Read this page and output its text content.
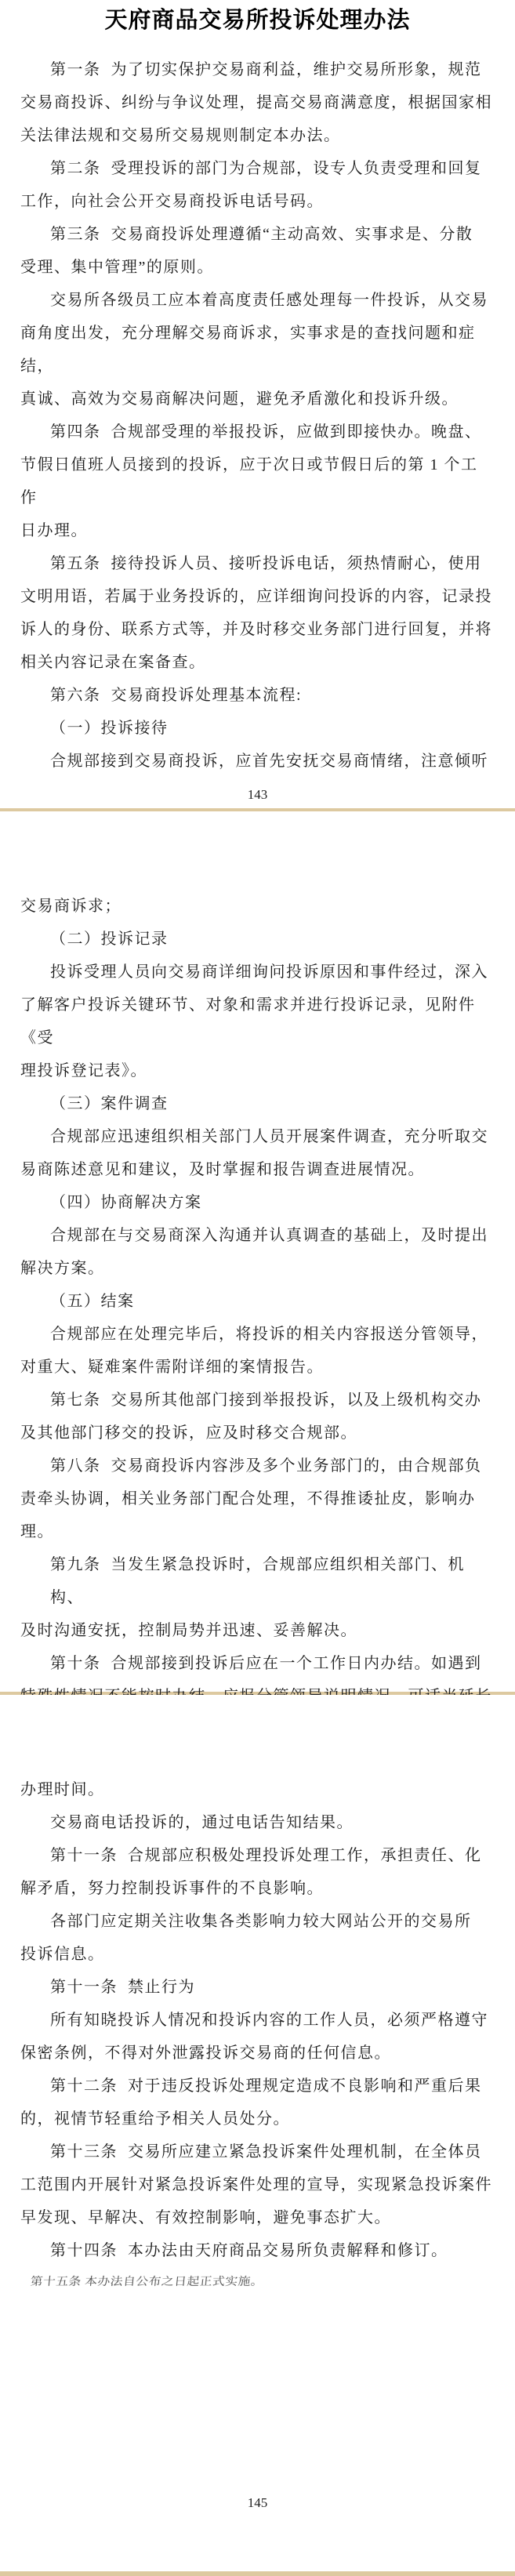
天府商品交易所投诉处理办法
第一条  为了切实保护交易商利益，维护交易所形象，规范
交易商投诉、纠纷与争议处理，提高交易商满意度，根据国家相
关法律法规和交易所交易规则制定本办法。
第二条  受理投诉的部门为合规部，设专人负责受理和回复
工作，向社会公开交易商投诉电话号码。
第三条  交易商投诉处理遵循“主动高效、实事求是、分散
受理、集中管理”的原则。
交易所各级员工应本着高度责任感处理每一件投诉，从交易
商角度出发，充分理解交易商诉求，实事求是的查找问题和症结，
真诚、高效为交易商解决问题，避免矛盾激化和投诉升级。
第四条  合规部受理的举报投诉，应做到即接快办。晚盘、
节假日值班人员接到的投诉，应于次日或节假日后的第 1 个工作
日办理。
第五条  接待投诉人员、接听投诉电话，须热情耐心，使用
文明用语，若属于业务投诉的，应详细询问投诉的内容，记录投
诉人的身份、联系方式等，并及时移交业务部门进行回复，并将
相关内容记录在案备查。
第六条  交易商投诉处理基本流程:
（一）投诉接待
合规部接到交易商投诉，应首先安抚交易商情绪，注意倾听
143
交易商诉求；
（二）投诉记录
投诉受理人员向交易商详细询问投诉原因和事件经过，深入
了解客户投诉关键环节、对象和需求并进行投诉记录，见附件《受
理投诉登记表》。
（三）案件调查
合规部应迅速组织相关部门人员开展案件调查，充分听取交
易商陈述意见和建议，及时掌握和报告调查进展情况。
（四）协商解决方案
合规部在与交易商深入沟通并认真调查的基础上，及时提出
解决方案。
（五）结案
合规部应在处理完毕后，将投诉的相关内容报送分管领导，
对重大、疑难案件需附详细的案情报告。
第七条  交易所其他部门接到举报投诉，以及上级机构交办
及其他部门移交的投诉，应及时移交合规部。
第八条  交易商投诉内容涉及多个业务部门的，由合规部负
责牵头协调，相关业务部门配合处理，不得推诿扯皮，影响办理。
第九条  当发生紧急投诉时，合规部应组织相关部门、机构、
及时沟通安抚，控制局势并迅速、妥善解决。
第十条  合规部接到投诉后应在一个工作日内办结。如遇到
办理时间。
交易商电话投诉的，通过电话告知结果。
第十一条  合规部应积极处理投诉处理工作，承担责任、化
解矛盾，努力控制投诉事件的不良影响。
各部门应定期关注收集各类影响力较大网站公开的交易所
投诉信息。
第十一条  禁止行为
所有知晓投诉人情况和投诉内容的工作人员，必须严格遵守
保密条例，不得对外泄露投诉交易商的任何信息。
第十二条  对于违反投诉处理规定造成不良影响和严重后果
的，视情节轻重给予相关人员处分。
第十三条  交易所应建立紧急投诉案件处理机制，在全体员
工范围内开展针对紧急投诉案件处理的宣导，实现紧急投诉案件
早发现、早解决、有效控制影响，避免事态扩大。
第十四条  本办法由天府商品交易所负责解释和修订。
第十五条 本办法自公布之日起正式实施。
145
